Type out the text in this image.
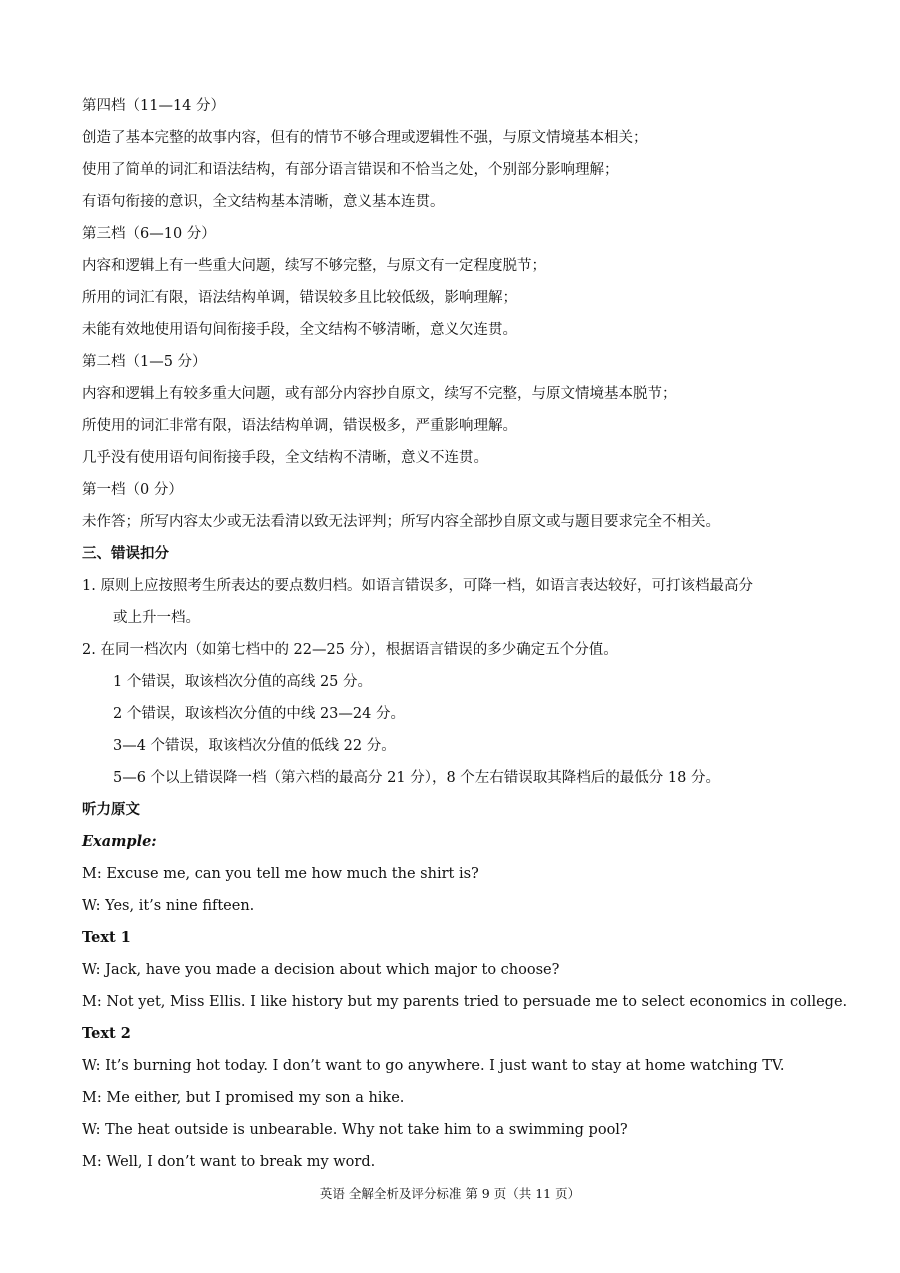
第四档（11—14 分）
创造了基本完整的故事内容，但有的情节不够合理或逻辑性不强，与原文情境基本相关；
使用了简单的词汇和语法结构，有部分语言错误和不恰当之处，个别部分影响理解；
有语句衔接的意识，全文结构基本清晰，意义基本连贯。
第三档（6—10 分）
内容和逻辑上有一些重大问题，续写不够完整，与原文有一定程度脱节；
所用的词汇有限，语法结构单调，错误较多且比较低级，影响理解；
未能有效地使用语句间衔接手段，全文结构不够清晰，意义欠连贯。
第二档（1—5 分）
内容和逻辑上有较多重大问题，或有部分内容抄自原文，续写不完整，与原文情境基本脱节；
所使用的词汇非常有限，语法结构单调，错误极多，严重影响理解。
几乎没有使用语句间衔接手段，全文结构不清晰，意义不连贯。
第一档（0 分）
未作答；所写内容太少或无法看清以致无法评判；所写内容全部抄自原文或与题目要求完全不相关。
三、错误扣分
1. 原则上应按照考生所表达的要点数归档。如语言错误多，可降一档，如语言表达较好，可打该档最高分
或上升一档。
2. 在同一档次内（如第七档中的 22—25 分），根据语言错误的多少确定五个分值。
1 个错误，取该档次分值的高线 25 分。
2 个错误，取该档次分值的中线 23—24 分。
3—4 个错误，取该档次分值的低线 22 分。
5—6 个以上错误降一档（第六档的最高分 21 分），8 个左右错误取其降档后的最低分 18 分。
听力原文
Example:
M: Excuse me, can you tell me how much the shirt is?
W: Yes, it’s nine fifteen.
Text 1
W: Jack, have you made a decision about which major to choose?
M: Not yet, Miss Ellis. I like history but my parents tried to persuade me to select economics in college.
Text 2
W: It’s burning hot today. I don’t want to go anywhere. I just want to stay at home watching TV.
M: Me either, but I promised my son a hike.
W: The heat outside is unbearable. Why not take him to a swimming pool?
M: Well, I don’t want to break my word.
英语 全解全析及评分标准 第 9 页（共 11 页）
